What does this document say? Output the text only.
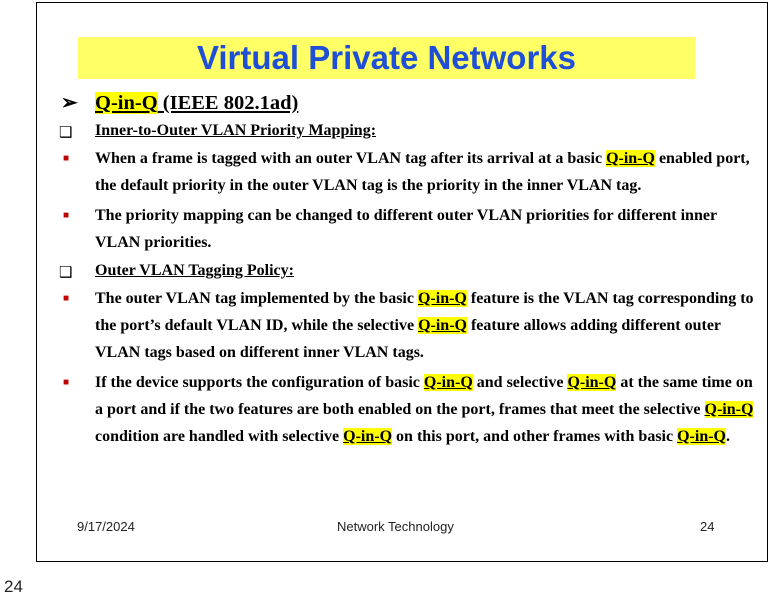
Virtual Private Networks
➢ Q-in-Q (IEEE 802.1ad)
❑ Inner-to-Outer VLAN Priority Mapping:
■ When a frame is tagged with an outer VLAN tag after its arrival at a basic Q-in-Q enabled port, the default priority in the outer VLAN tag is the priority in the inner VLAN tag.
■ The priority mapping can be changed to different outer VLAN priorities for different inner VLAN priorities.
❑ Outer VLAN Tagging Policy:
■ The outer VLAN tag implemented by the basic Q-in-Q feature is the VLAN tag corresponding to the port’s default VLAN ID, while the selective Q-in-Q feature allows adding different outer VLAN tags based on different inner VLAN tags.
■ If the device supports the configuration of basic Q-in-Q and selective Q-in-Q at the same time on a port and if the two features are both enabled on the port, frames that meet the selective Q-in-Q condition are handled with selective Q-in-Q on this port, and other frames with basic Q-in-Q.
9/17/2024	Network Technology	24
24
